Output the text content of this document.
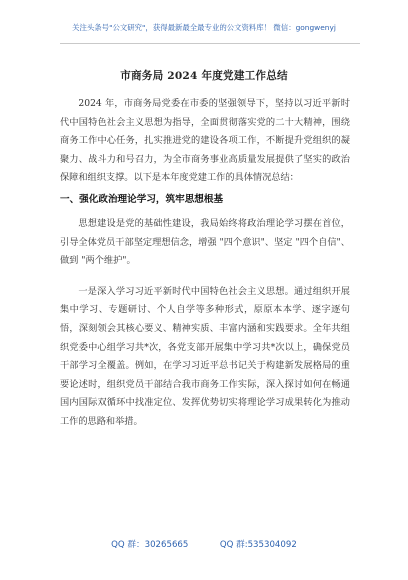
关注头条号"公文研究"，获得最新最全最专业的公文资料库！ 微信：gongwenyj
市商务局 2024 年度党建工作总结

2024 年，市商务局党委在市委的坚强领导下，坚持以习近平新时代中国特色社会主义思想为指导，全面贯彻落实党的二十大精神，围绕商务工作中心任务，扎实推进党的建设各项工作，不断提升党组织的凝聚力、战斗力和号召力，为全市商务事业高质量发展提供了坚实的政治保障和组织支撑。以下是本年度党建工作的具体情况总结：

一、强化政治理论学习，筑牢思想根基

思想建设是党的基础性建设，我局始终将政治理论学习摆在首位，引导全体党员干部坚定理想信念，增强 "四个意识"、坚定 "四个自信"、做到 "两个维护"。

一是深入学习习近平新时代中国特色社会主义思想。通过组织开展集中学习、专题研讨、个人自学等多种形式，原原本本学、逐字逐句悟，深刻领会其核心要义、精神实质、丰富内涵和实践要求。全年共组织党委中心组学习共*次，各党支部开展集中学习共*次以上，确保党员干部学习全覆盖。例如，在学习习近平总书记关于构建新发展格局的重要论述时，组织党员干部结合我市商务工作实际，深入探讨如何在畅通国内国际双循环中找准定位、发挥优势切实将理论学习成果转化为推动工作的思路和举措。

QQ 群：30265665	QQ 群:535304092
